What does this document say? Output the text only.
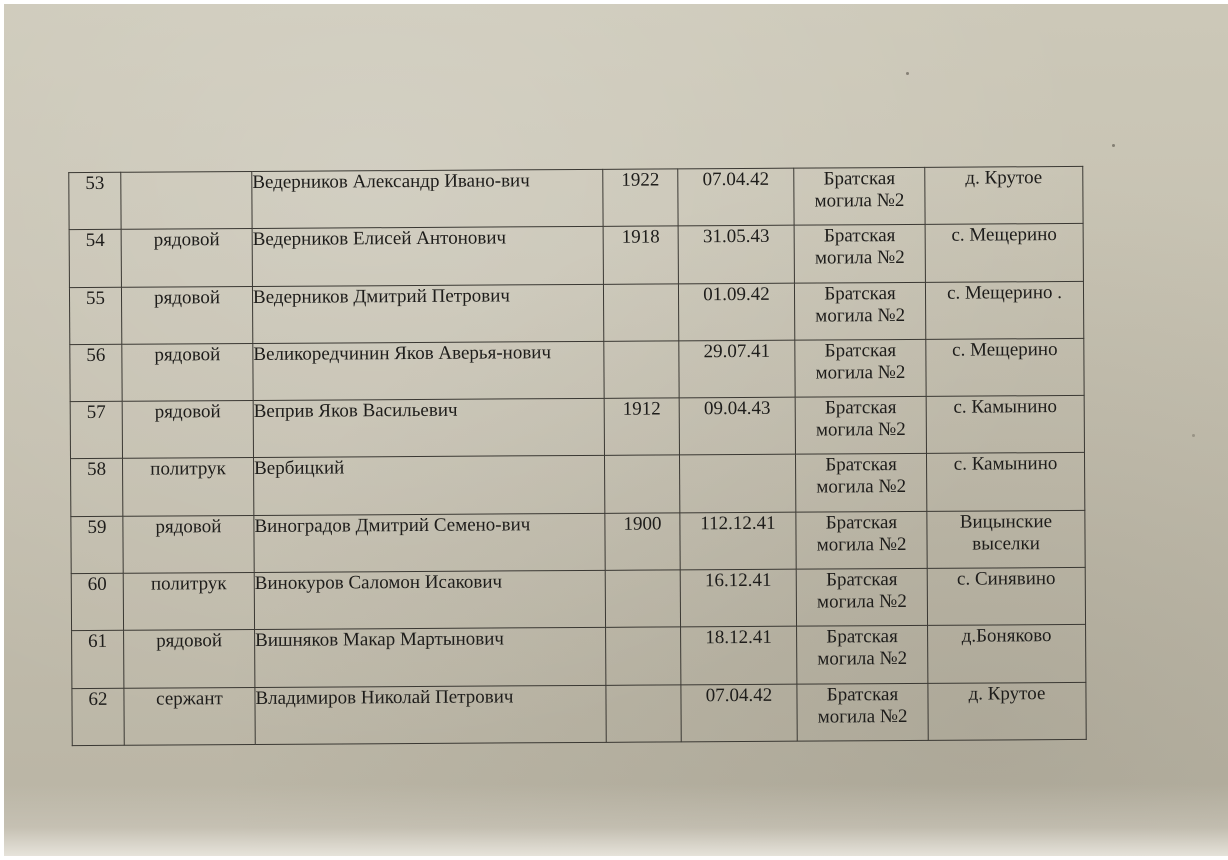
53		Ведерников Александр Ивано-вич	1922	07.04.42	Братская могила №2	д. Крутое

54	рядовой	Ведерников Елисей Антонович	1918	31.05.43	Братская могила №2	с. Мещерино

55	рядовой	Ведерников Дмитрий Петрович		01.09.42	Братская могила №2	с. Мещерино .

56	рядовой	Великоредчинин Яков Аверья-нович		29.07.41	Братская могила №2	с. Мещерино

57	рядовой	Веприв Яков Васильевич	1912	09.04.43	Братская могила №2	с. Камынино

58	политрук	Вербицкий			Братская могила №2	с. Камынино

59	рядовой	Виноградов Дмитрий Семено-вич	1900	112.12.41	Братская могила №2	Вицынские выселки

60	политрук	Винокуров Саломон Исакович		16.12.41	Братская могила №2	с. Синявино

61	рядовой	Вишняков Макар Мартынович		18.12.41	Братская могила №2	д.Боняково

62	сержант	Владимиров Николай Петрович		07.04.42	Братская могила №2	д. Крутое
